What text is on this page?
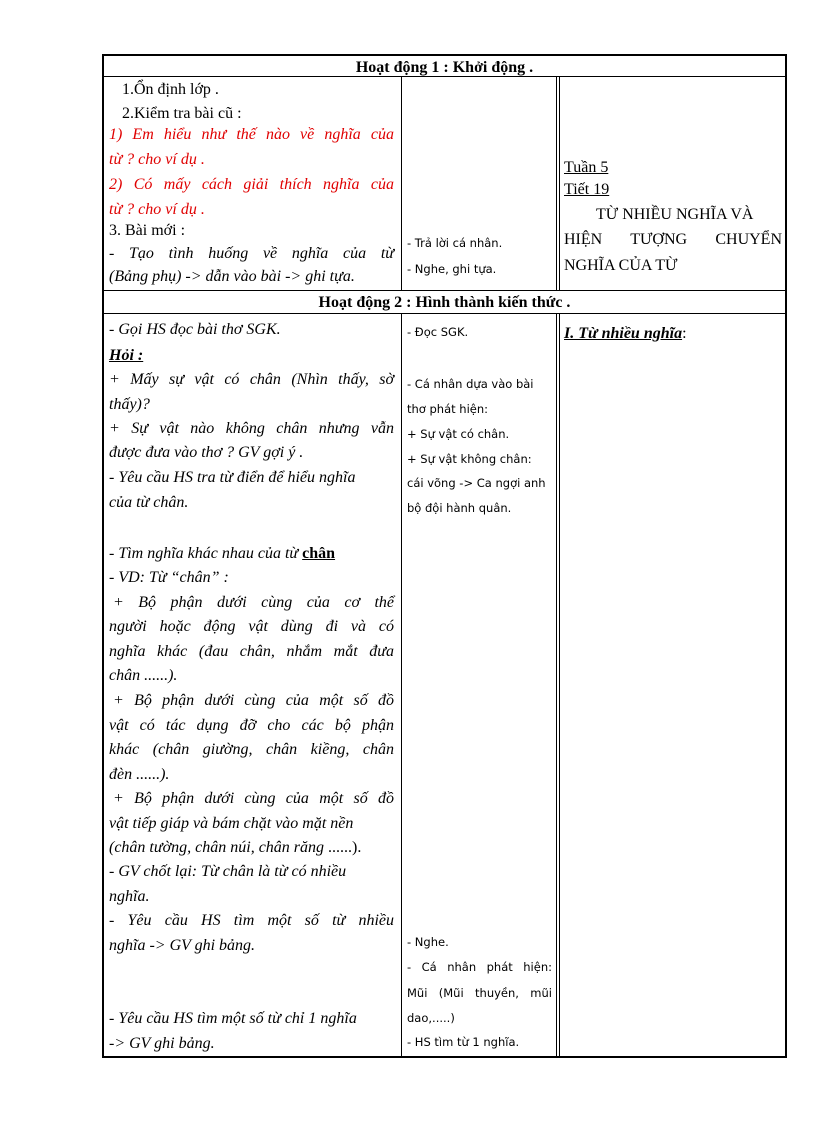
Hoạt động 1 : Khởi động .
1.Ổn định lớp .
2.Kiểm tra bài cũ :
1) Em hiểu như thế nào về nghĩa của
từ ? cho ví dụ .
2) Có mấy cách giải thích nghĩa của
từ ? cho ví dụ .
3. Bài mới :
- Tạo tình huống về nghĩa của từ
(Bảng phụ) -> dẫn vào bài -> ghi tựa.
- Trả lời cá nhân.
- Nghe, ghi tựa.
Tuần 5
Tiết 19
TỪ NHIỀU NGHĨA VÀ
HIỆN TƯỢNG CHUYỂN
NGHĨA CỦA TỪ
Hoạt động 2 : Hình thành kiến thức .
- Gọi HS đọc bài thơ SGK.
Hỏi :
+ Mấy sự vật có chân (Nhìn thấy, sờ
thấy)?
+ Sự vật nào không chân nhưng vẫn
được đưa vào thơ ? GV gợi ý .
- Yêu cầu HS tra từ điển để hiểu nghĩa
của từ chân.
- Tìm nghĩa khác nhau của từ chân
- VD: Từ “chân” :
+ Bộ phận dưới cùng của cơ thể
người hoặc động vật dùng đi và có
nghĩa khác (đau chân, nhắm mắt đưa
chân ......).
+ Bộ phận dưới cùng của một số đồ
vật có tác dụng đỡ cho các bộ phận
khác (chân giường, chân kiềng, chân
đèn ......).
+ Bộ phận dưới cùng của một số đồ
vật tiếp giáp và bám chặt vào mặt nền
(chân tường, chân núi, chân răng ......).
- GV chốt lại: Từ chân là từ có nhiều
nghĩa.
- Yêu cầu HS tìm một số từ nhiều
nghĩa -> GV ghi bảng.
- Yêu cầu HS tìm một số từ chỉ 1 nghĩa
-> GV ghi bảng.
- Đọc SGK.
- Cá nhân dựa vào bài
thơ phát hiện:
+ Sự vật có chân.
+ Sự vật không chân:
cái võng -> Ca ngợi anh
bộ đội hành quân.
- Nghe.
- Cá nhân phát hiện:
Mũi (Mũi thuyền, mũi
dao,.....)
- HS tìm từ 1 nghĩa.
I. Từ nhiều nghĩa:
